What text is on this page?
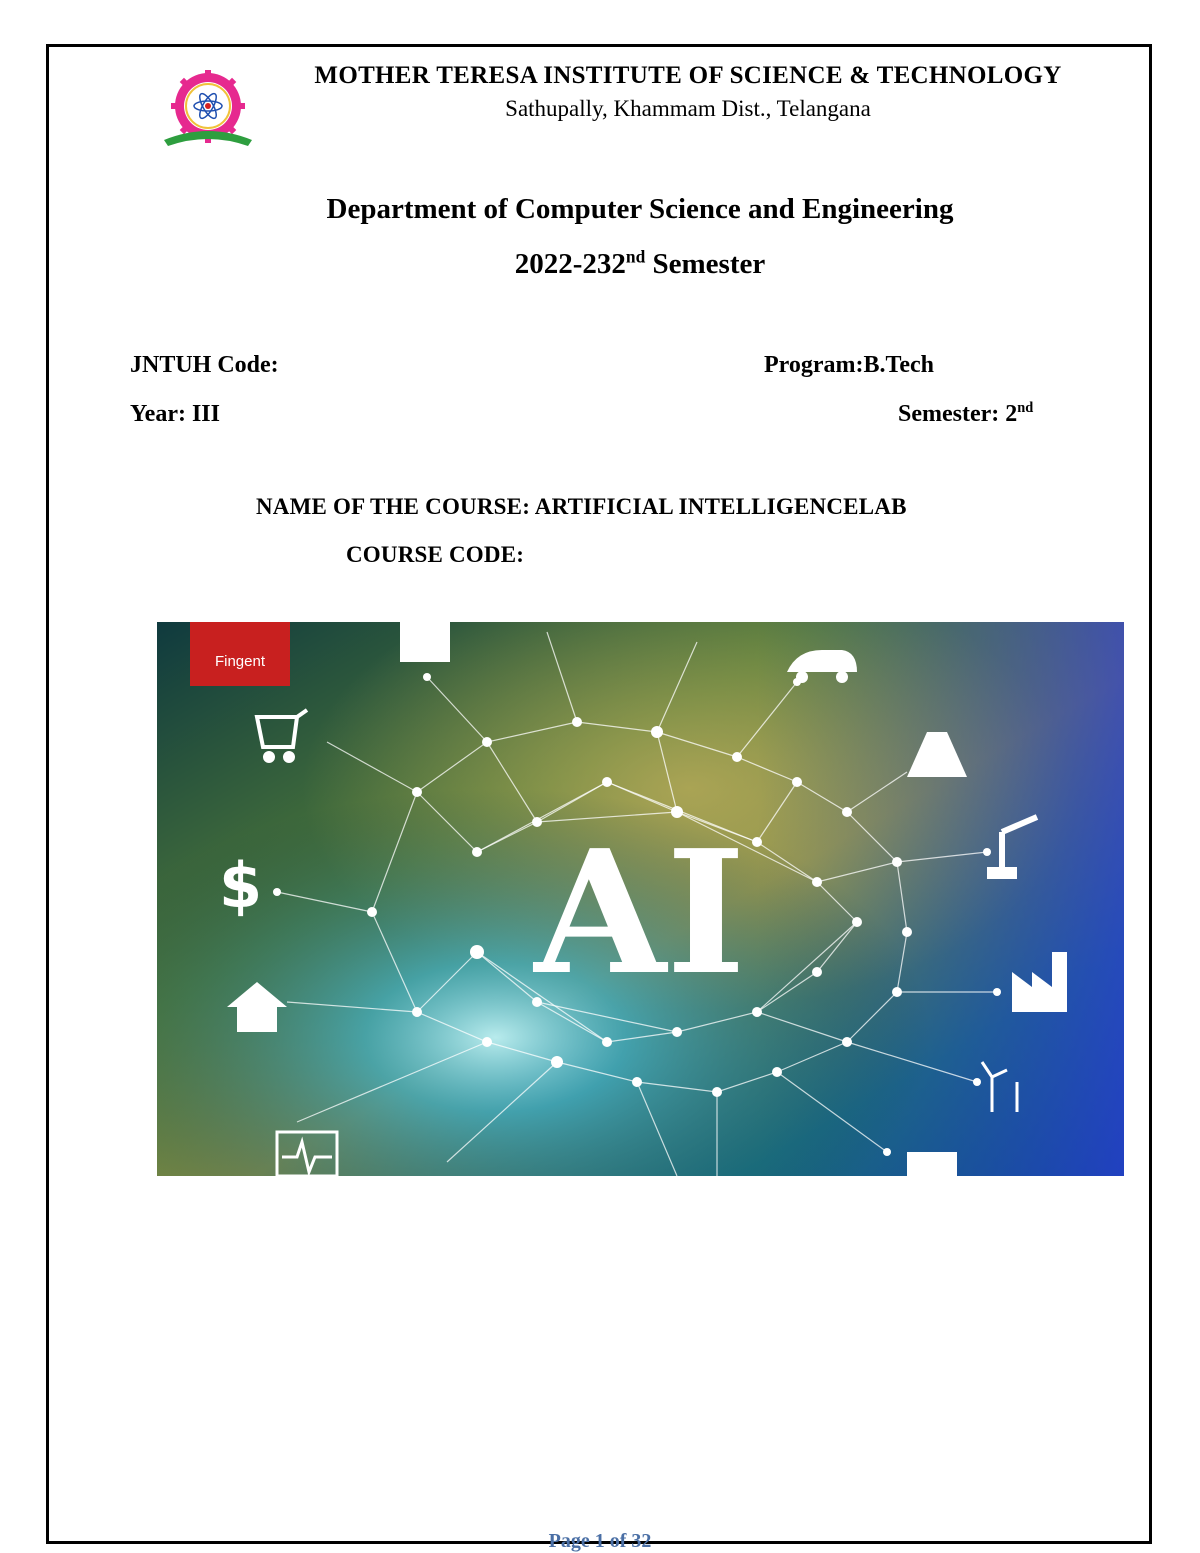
MOTHER TERESA INSTITUTE OF SCIENCE & TECHNOLOGY
Sathupally, Khammam Dist., Telangana
Department of Computer Science and Engineering
2022-232nd Semester
JNTUH Code:	Program:B.Tech
Year: III	Semester: 2nd
NAME OF THE COURSE: ARTIFICIAL INTELLIGENCELAB
COURSE CODE:
$
Fingent
AI
Page 1 of 32
